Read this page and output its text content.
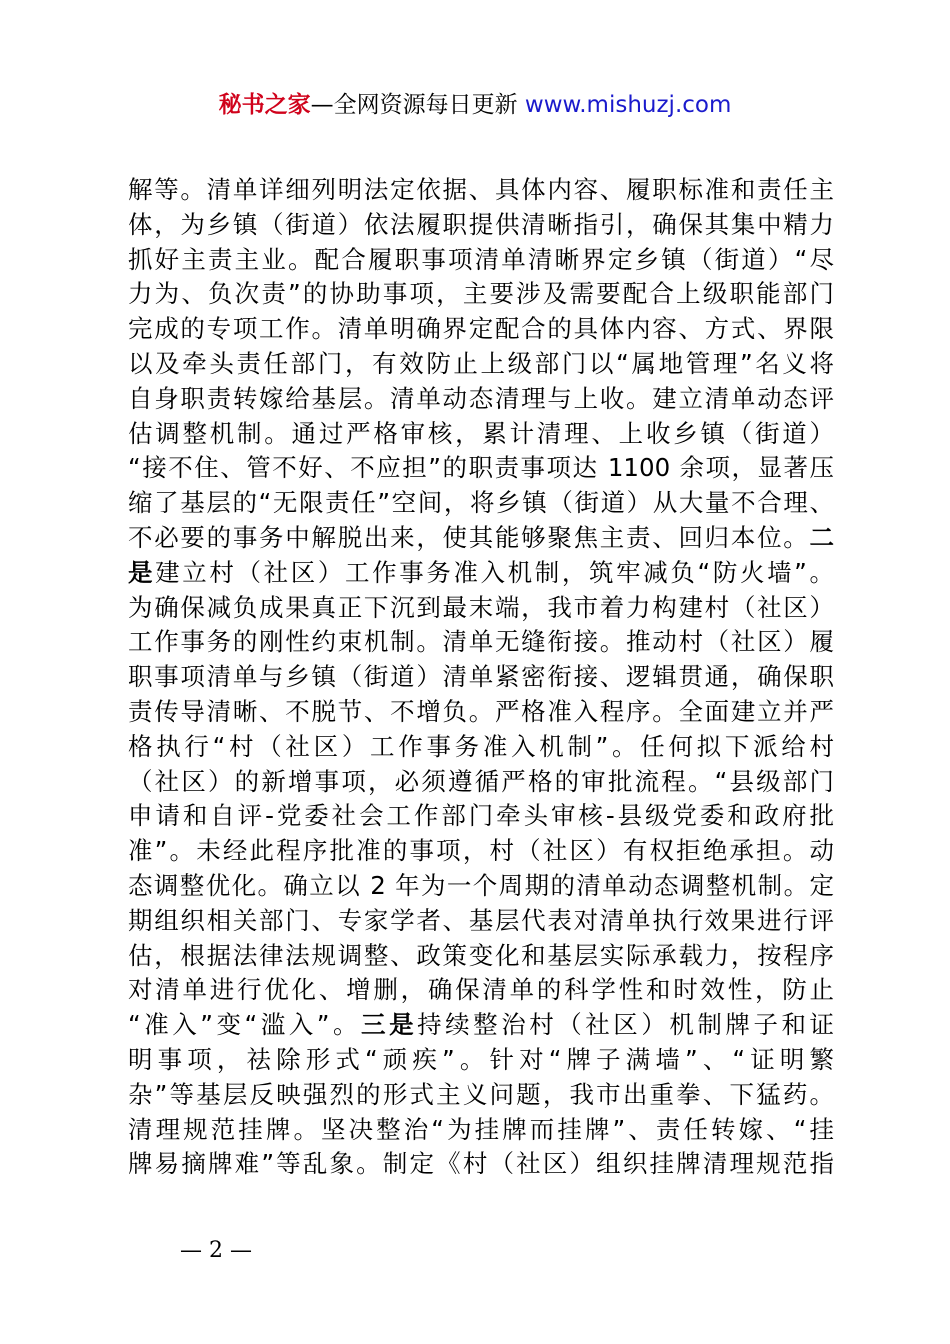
秘书之家—全网资源每日更新 www.mishuzj.com
解等。清单详细列明法定依据、具体内容、履职标准和责任主
体，为乡镇（街道）依法履职提供清晰指引，确保其集中精力
抓好主责主业。配合履职事项清单清晰界定乡镇（街道）“尽
力为、负次责”的协助事项，主要涉及需要配合上级职能部门
完成的专项工作。清单明确界定配合的具体内容、方式、界限
以及牵头责任部门，有效防止上级部门以“属地管理”名义将
自身职责转嫁给基层。清单动态清理与上收。建立清单动态评
估调整机制。通过严格审核，累计清理、上收乡镇（街道）
“接不住、管不好、不应担”的职责事项达 1100 余项，显著压
缩了基层的“无限责任”空间，将乡镇（街道）从大量不合理、
不必要的事务中解脱出来，使其能够聚焦主责、回归本位。二
是建立村（社区）工作事务准入机制，筑牢减负“防火墙”。
为确保减负成果真正下沉到最末端，我市着力构建村（社区）
工作事务的刚性约束机制。清单无缝衔接。推动村（社区）履
职事项清单与乡镇（街道）清单紧密衔接、逻辑贯通，确保职
责传导清晰、不脱节、不增负。严格准入程序。全面建立并严
格执行“村（社区）工作事务准入机制”。任何拟下派给村
（社区）的新增事项，必须遵循严格的审批流程。“县级部门
申请和自评-党委社会工作部门牵头审核-县级党委和政府批
准”。未经此程序批准的事项，村（社区）有权拒绝承担。动
态调整优化。确立以 2 年为一个周期的清单动态调整机制。定
期组织相关部门、专家学者、基层代表对清单执行效果进行评
估，根据法律法规调整、政策变化和基层实际承载力，按程序
对清单进行优化、增删，确保清单的科学性和时效性，防止
“准入”变“滥入”。三是持续整治村（社区）机制牌子和证
明事项，祛除形式“顽疾”。针对“牌子满墙”、“证明繁
杂”等基层反映强烈的形式主义问题，我市出重拳、下猛药。
清理规范挂牌。坚决整治“为挂牌而挂牌”、责任转嫁、“挂
牌易摘牌难”等乱象。制定《村（社区）组织挂牌清理规范指
— 2 —
